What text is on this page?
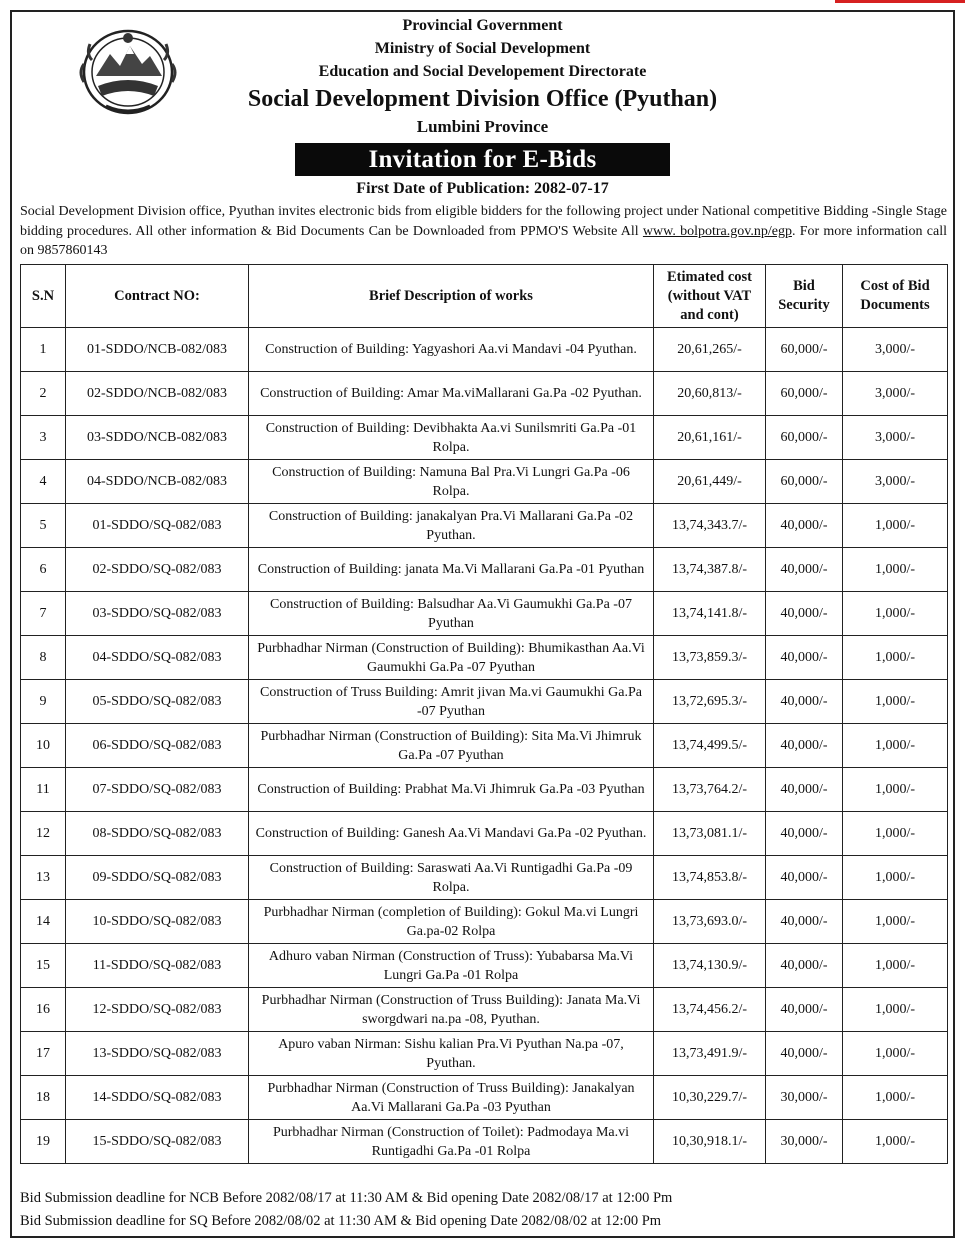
Provincial Government
Ministry of Social Development
Education and Social Developement Directorate
Social Development Division Office (Pyuthan)
Lumbini Province
Invitation for E-Bids
First Date of Publication: 2082-07-17
Social Development Division office, Pyuthan invites electronic bids from eligible bidders for the following project under National competitive Bidding -Single Stage bidding procedures. All other information & Bid Documents Can be Downloaded from PPMO'S Website All www. bolpotra.gov.np/egp. For more information call on 9857860143
S.N	Contract NO:	Brief Description of works	Etimated cost (without VAT and cont)	Bid Security	Cost of Bid Documents
1	01-SDDO/NCB-082/083	Construction of Building: Yagyashori Aa.vi Mandavi -04 Pyuthan.	20,61,265/-	60,000/-	3,000/-
2	02-SDDO/NCB-082/083	Construction of Building: Amar Ma.viMallarani Ga.Pa -02 Pyuthan.	20,60,813/-	60,000/-	3,000/-
3	03-SDDO/NCB-082/083	Construction of Building: Devibhakta Aa.vi Sunilsmriti Ga.Pa -01 Rolpa.	20,61,161/-	60,000/-	3,000/-
4	04-SDDO/NCB-082/083	Construction of Building: Namuna Bal Pra.Vi Lungri Ga.Pa -06 Rolpa.	20,61,449/-	60,000/-	3,000/-
5	01-SDDO/SQ-082/083	Construction of Building: janakalyan Pra.Vi Mallarani Ga.Pa -02 Pyuthan.	13,74,343.7/-	40,000/-	1,000/-
6	02-SDDO/SQ-082/083	Construction of Building: janata Ma.Vi Mallarani Ga.Pa -01 Pyuthan	13,74,387.8/-	40,000/-	1,000/-
7	03-SDDO/SQ-082/083	Construction of Building: Balsudhar Aa.Vi Gaumukhi Ga.Pa -07 Pyuthan	13,74,141.8/-	40,000/-	1,000/-
8	04-SDDO/SQ-082/083	Purbhadhar Nirman (Construction of Building): Bhumikasthan Aa.Vi Gaumukhi Ga.Pa -07 Pyuthan	13,73,859.3/-	40,000/-	1,000/-
9	05-SDDO/SQ-082/083	Construction of Truss Building: Amrit jivan Ma.vi Gaumukhi Ga.Pa -07 Pyuthan	13,72,695.3/-	40,000/-	1,000/-
10	06-SDDO/SQ-082/083	Purbhadhar Nirman (Construction of Building): Sita Ma.Vi Jhimruk Ga.Pa -07 Pyuthan	13,74,499.5/-	40,000/-	1,000/-
11	07-SDDO/SQ-082/083	Construction of Building: Prabhat Ma.Vi Jhimruk Ga.Pa -03 Pyuthan	13,73,764.2/-	40,000/-	1,000/-
12	08-SDDO/SQ-082/083	Construction of Building: Ganesh Aa.Vi Mandavi Ga.Pa -02 Pyuthan.	13,73,081.1/-	40,000/-	1,000/-
13	09-SDDO/SQ-082/083	Construction of Building: Saraswati Aa.Vi Runtigadhi Ga.Pa -09 Rolpa.	13,74,853.8/-	40,000/-	1,000/-
14	10-SDDO/SQ-082/083	Purbhadhar Nirman (completion of Building): Gokul Ma.vi Lungri Ga.pa-02 Rolpa	13,73,693.0/-	40,000/-	1,000/-
15	11-SDDO/SQ-082/083	Adhuro vaban Nirman (Construction of Truss): Yubabarsa Ma.Vi Lungri Ga.Pa -01 Rolpa	13,74,130.9/-	40,000/-	1,000/-
16	12-SDDO/SQ-082/083	Purbhadhar Nirman (Construction of Truss Building): Janata Ma.Vi sworgdwari na.pa -08, Pyuthan.	13,74,456.2/-	40,000/-	1,000/-
17	13-SDDO/SQ-082/083	Apuro vaban Nirman: Sishu kalian Pra.Vi Pyuthan Na.pa -07, Pyuthan.	13,73,491.9/-	40,000/-	1,000/-
18	14-SDDO/SQ-082/083	Purbhadhar Nirman (Construction of Truss Building): Janakalyan Aa.Vi Mallarani Ga.Pa -03 Pyuthan	10,30,229.7/-	30,000/-	1,000/-
19	15-SDDO/SQ-082/083	Purbhadhar Nirman (Construction of Toilet): Padmodaya Ma.vi Runtigadhi Ga.Pa -01 Rolpa	10,30,918.1/-	30,000/-	1,000/-
Bid Submission deadline for NCB Before 2082/08/17 at 11:30 AM & Bid opening Date 2082/08/17 at 12:00 Pm
Bid Submission deadline for SQ Before 2082/08/02 at 11:30 AM & Bid opening Date 2082/08/02 at 12:00 Pm
